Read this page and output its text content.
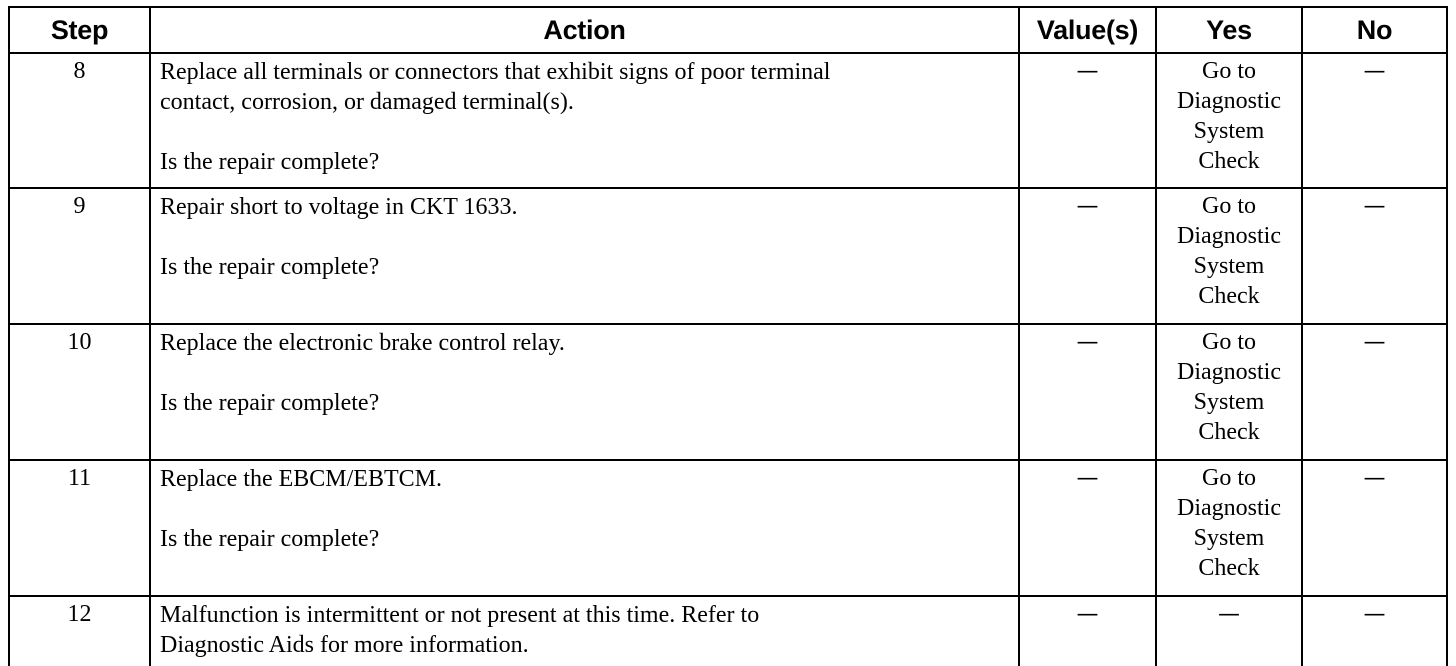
Step	Action	Value(s)	Yes	No
8	Replace all terminals or connectors that exhibit signs of poor terminal
contact, corrosion, or damaged terminal(s).
Is the repair complete?	—	Go to
Diagnostic
System
Check	—
9	Repair short to voltage in CKT 1633.
Is the repair complete?	—	Go to
Diagnostic
System
Check	—
10	Replace the electronic brake control relay.
Is the repair complete?	—	Go to
Diagnostic
System
Check	—
11	Replace the EBCM/EBTCM.
Is the repair complete?	—	Go to
Diagnostic
System
Check	—
12	Malfunction is intermittent or not present at this time. Refer to
Diagnostic Aids for more information.	—	—	—
